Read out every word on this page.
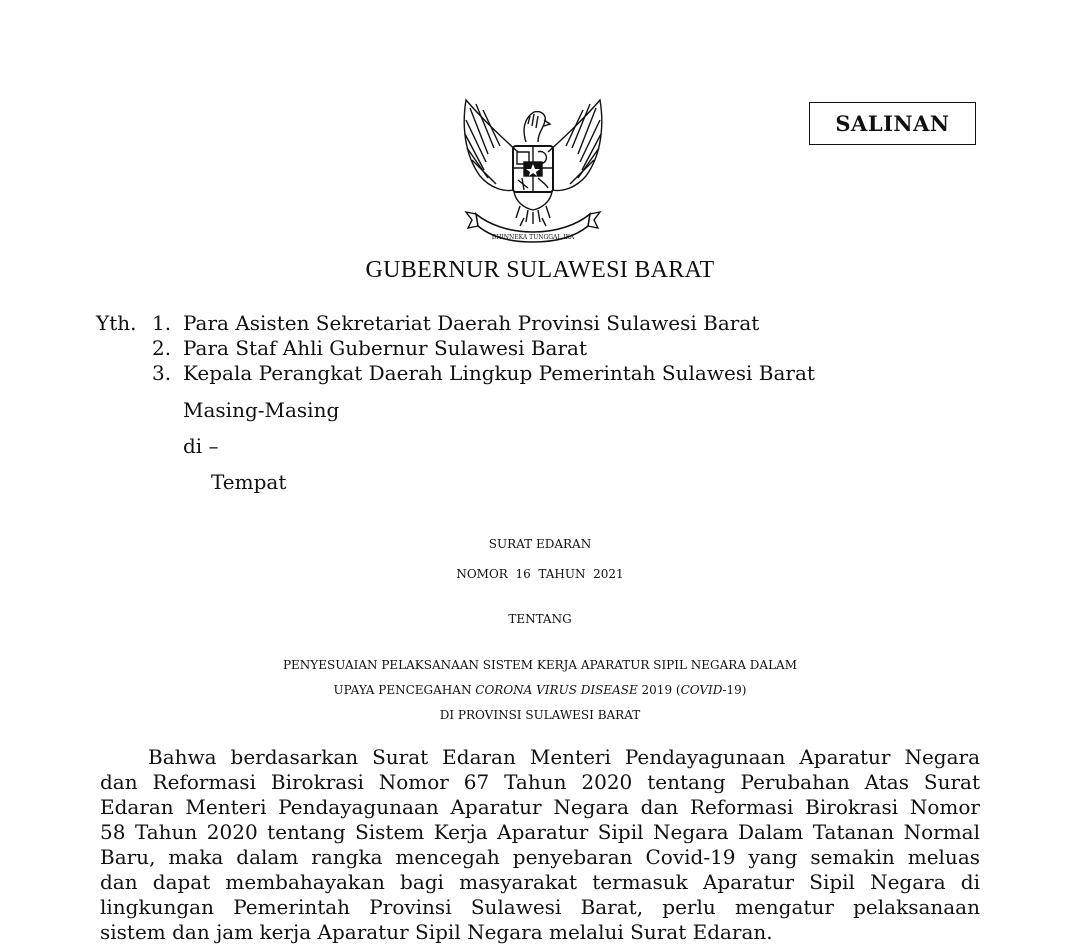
BHINNEKA TUNGGAL IKA
SALINAN
GUBERNUR SULAWESI BARAT
Yth. 1. Para Asisten Sekretariat Daerah Provinsi Sulawesi Barat
2. Para Staf Ahli Gubernur Sulawesi Barat
3. Kepala Perangkat Daerah Lingkup Pemerintah Sulawesi Barat
Masing-Masing
di –
Tempat
SURAT EDARAN
NOMOR  16  TAHUN  2021
TENTANG
PENYESUAIAN PELAKSANAAN SISTEM KERJA APARATUR SIPIL NEGARA DALAM
UPAYA PENCEGAHAN CORONA VIRUS DISEASE 2019 (COVID-19)
DI PROVINSI SULAWESI BARAT
Bahwa berdasarkan Surat Edaran Menteri Pendayagunaan Aparatur Negara
dan Reformasi Birokrasi Nomor 67 Tahun 2020 tentang Perubahan Atas Surat
Edaran Menteri Pendayagunaan Aparatur Negara dan Reformasi Birokrasi Nomor
58 Tahun 2020 tentang Sistem Kerja Aparatur Sipil Negara Dalam Tatanan Normal
Baru, maka dalam rangka mencegah penyebaran Covid-19 yang semakin meluas
dan dapat membahayakan bagi masyarakat termasuk Aparatur Sipil Negara di
lingkungan Pemerintah Provinsi Sulawesi Barat, perlu mengatur pelaksanaan
sistem dan jam kerja Aparatur Sipil Negara melalui Surat Edaran.
